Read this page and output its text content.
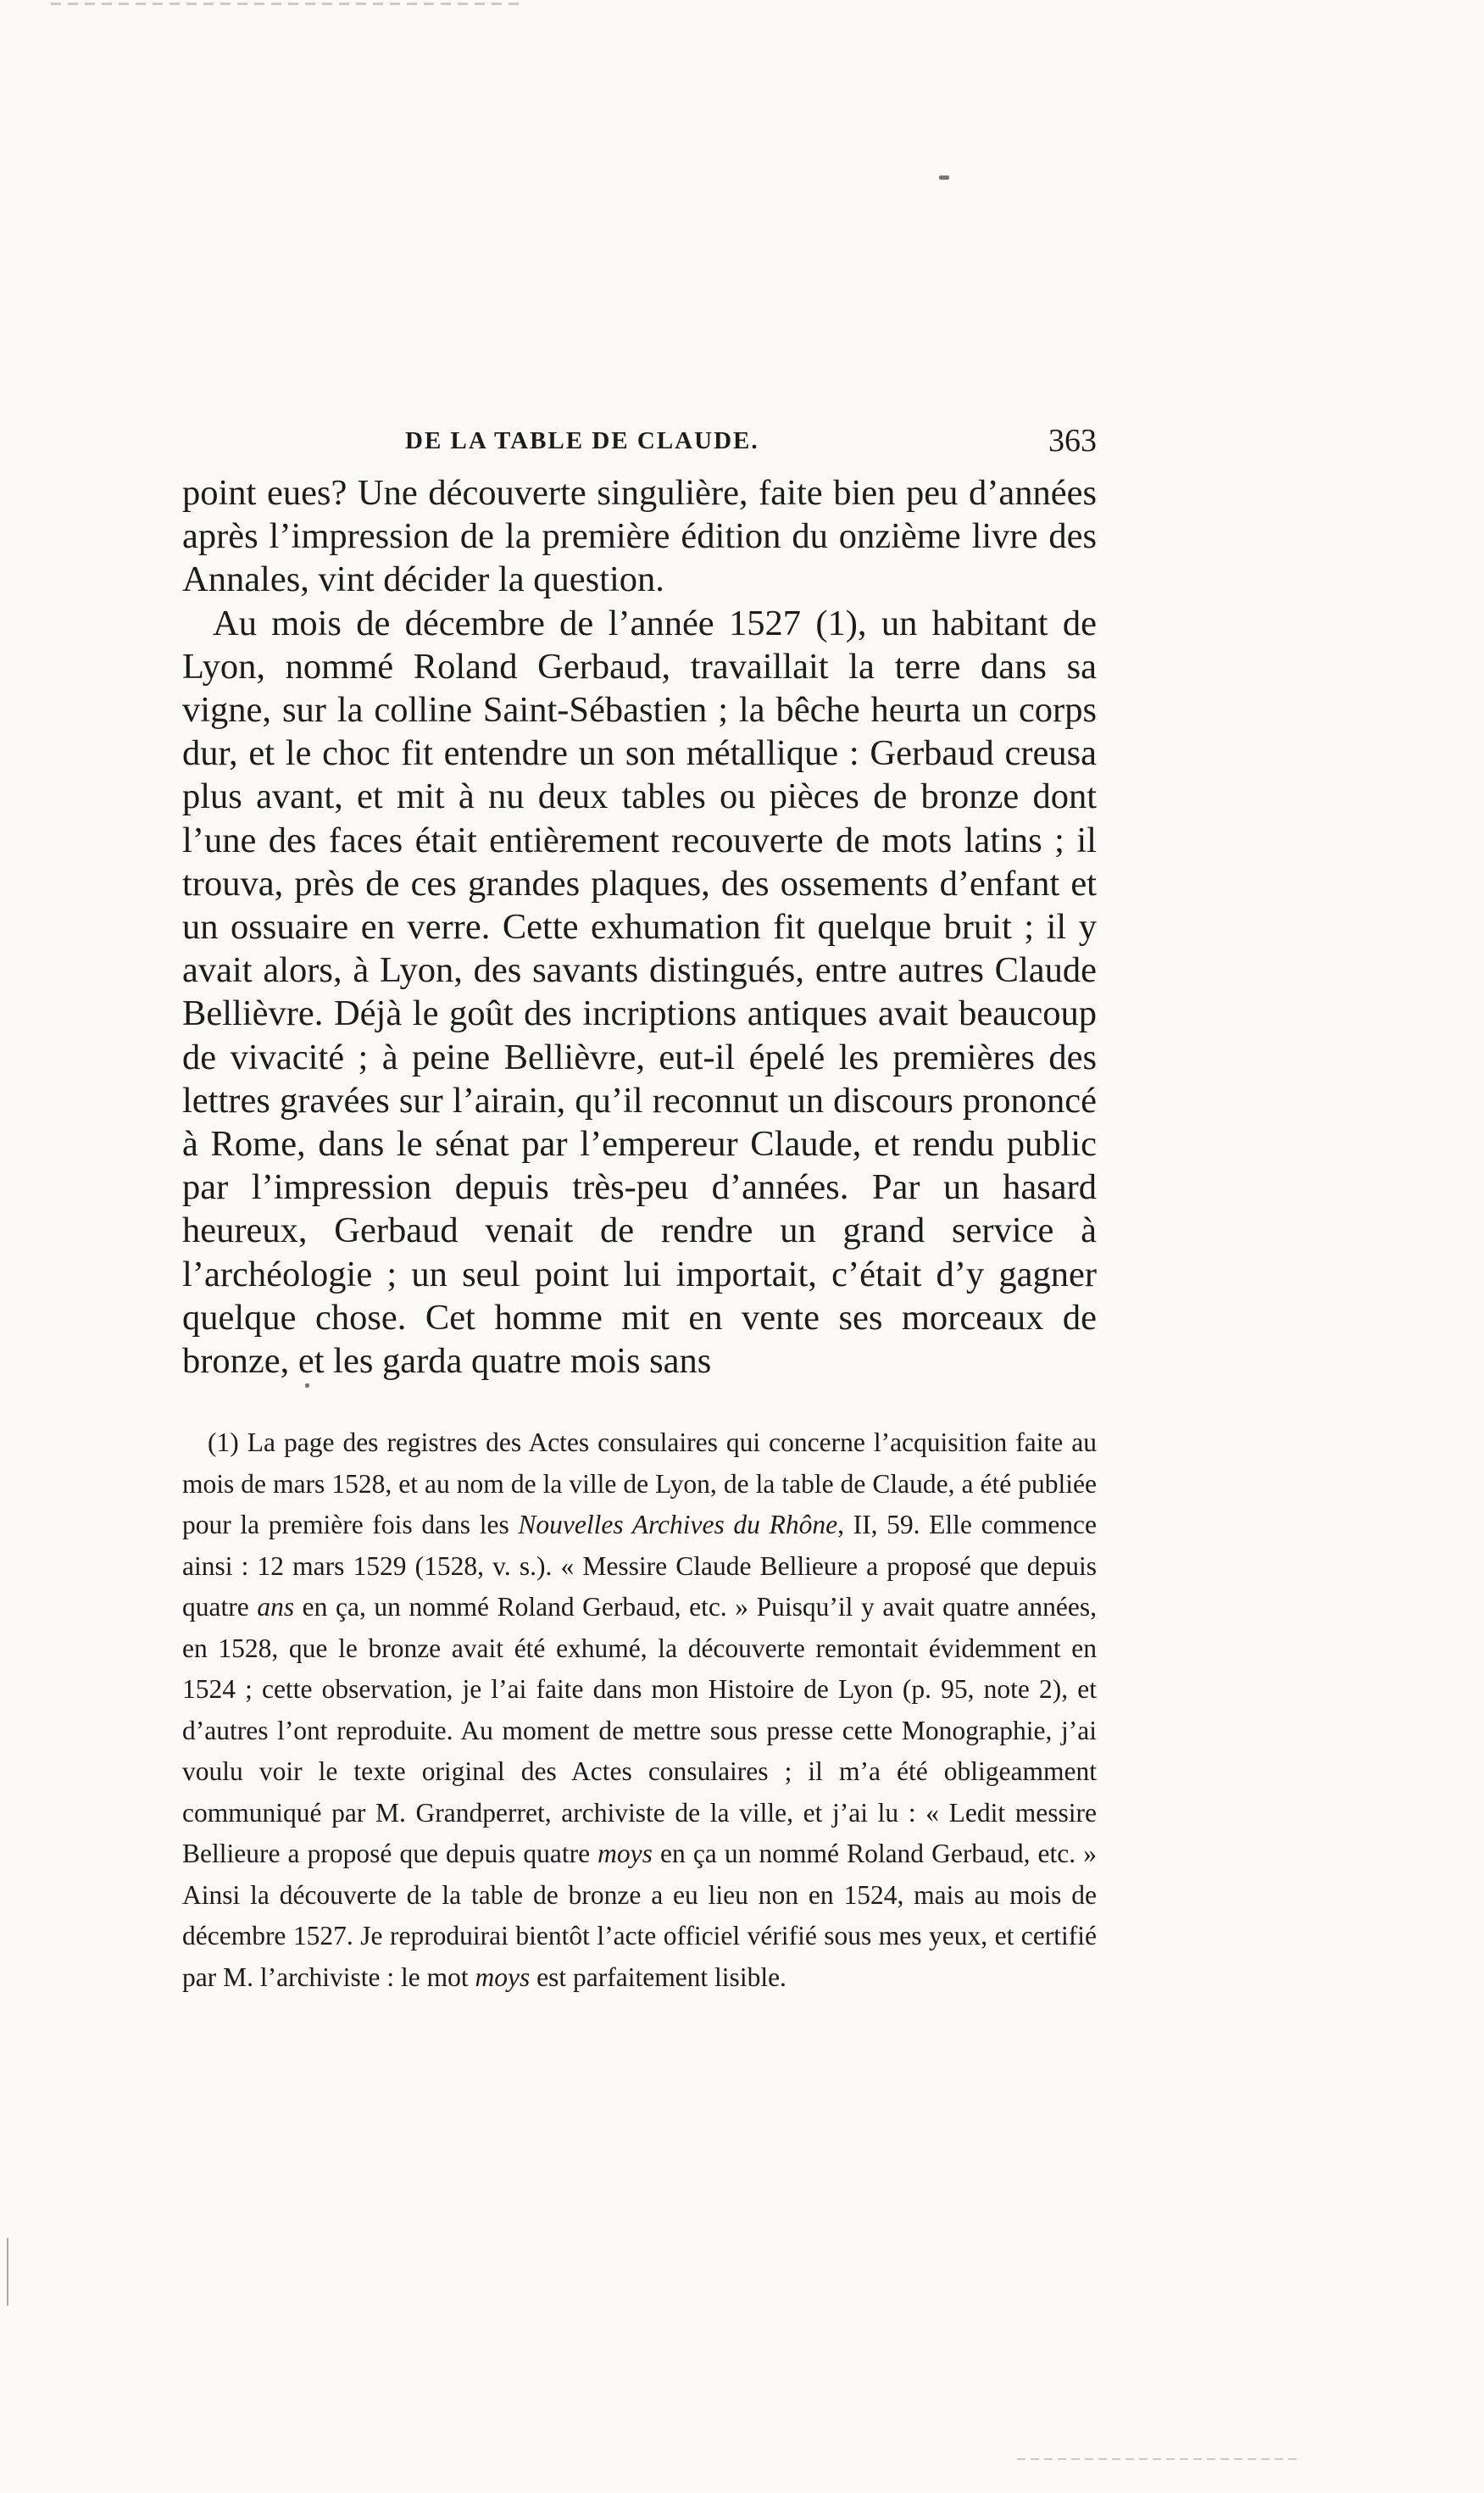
DE LA TABLE DE CLAUDE.	363

point eues? Une découverte singulière, faite bien peu d’années après l’impression de la première édition du onzième livre des Annales, vint décider la question.

Au mois de décembre de l’année 1527 (1), un habitant de Lyon, nommé Roland Gerbaud, travaillait la terre dans sa vigne, sur la colline Saint-Sébastien ; la bêche heurta un corps dur, et le choc fit entendre un son métallique : Gerbaud creusa plus avant, et mit à nu deux tables ou pièces de bronze dont l’une des faces était entièrement recouverte de mots latins ; il trouva, près de ces grandes plaques, des ossements d’enfant et un ossuaire en verre. Cette exhumation fit quelque bruit ; il y avait alors, à Lyon, des savants distingués, entre autres Claude Bellièvre. Déjà le goût des incriptions antiques avait beaucoup de vivacité ; à peine Bellièvre, eut-il épelé les premières des lettres gravées sur l’airain, qu’il reconnut un discours prononcé à Rome, dans le sénat par l’empereur Claude, et rendu public par l’impression depuis très-peu d’années. Par un hasard heureux, Gerbaud venait de rendre un grand service à l’archéologie ; un seul point lui importait, c’était d’y gagner quelque chose. Cet homme mit en vente ses morceaux de bronze, et les garda quatre mois sans

(1) La page des registres des Actes consulaires qui concerne l’acquisition faite au mois de mars 1528, et au nom de la ville de Lyon, de la table de Claude, a été publiée pour la première fois dans les Nouvelles Archives du Rhône, II, 59. Elle commence ainsi : 12 mars 1529 (1528, v. s.). « Messire Claude Bellieure a proposé que depuis quatre ans en ça, un nommé Roland Gerbaud, etc. » Puisqu’il y avait quatre années, en 1528, que le bronze avait été exhumé, la découverte remontait évidemment en 1524 ; cette observation, je l’ai faite dans mon Histoire de Lyon (p. 95, note 2), et d’autres l’ont reproduite. Au moment de mettre sous presse cette Monographie, j’ai voulu voir le texte original des Actes consulaires ; il m’a été obligeamment communiqué par M. Grandperret, archiviste de la ville, et j’ai lu : « Ledit messire Bellieure a proposé que depuis quatre moys en ça un nommé Roland Gerbaud, etc. » Ainsi la découverte de la table de bronze a eu lieu non en 1524, mais au mois de décembre 1527. Je reproduirai bientôt l’acte officiel vérifié sous mes yeux, et certifié par M. l’archiviste : le mot moys est parfaitement lisible.
